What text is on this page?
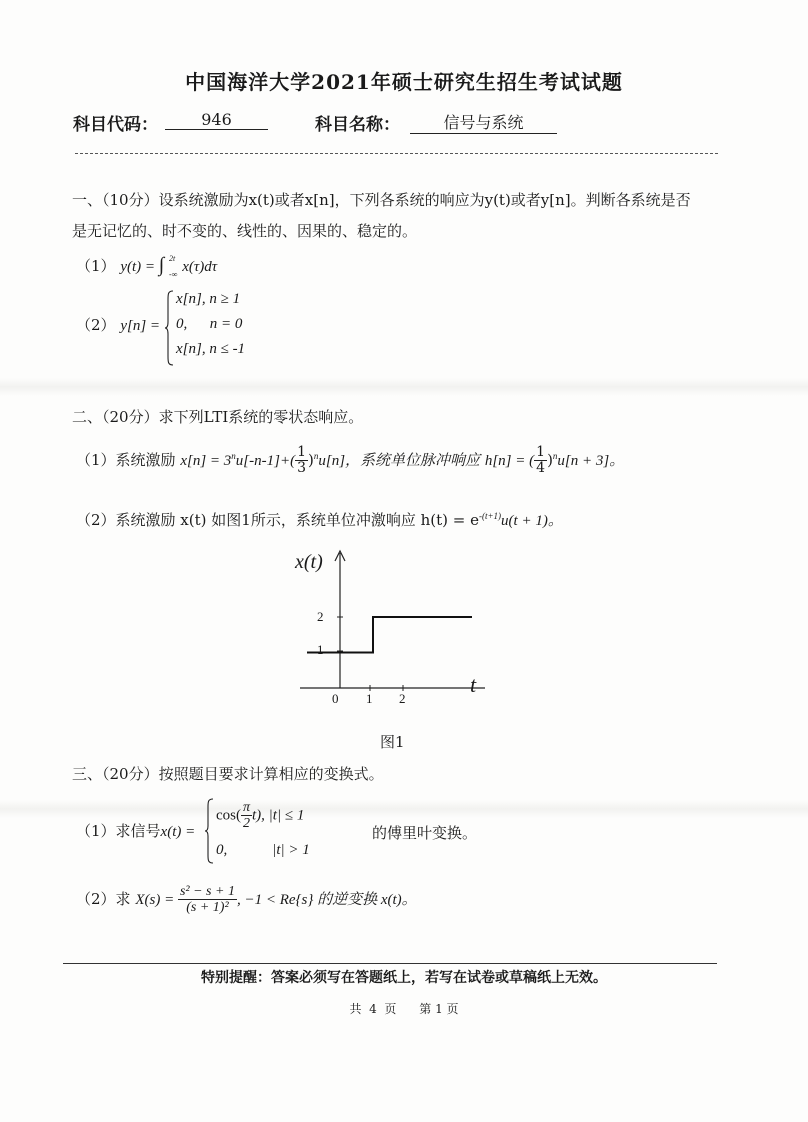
中国海洋大学2021年硕士研究生招生考试试题
科目代码：	946	科目名称：	信号与系统
一、（10分）设系统激励为x(t)或者x[n]，下列各系统的响应为y(t)或者y[n]。判断各系统是否
是无记忆的、时不变的、线性的、因果的、稳定的。
（1） y(t) = ∫ 2t
-∞ x(τ)dτ
（2） y[n] =
x[n], n ≥ 1
0,      n = 0
x[n], n ≤ -1
二、（20分）求下列LTI系统的零状态响应。
（1）系统激励 $x[n] = 3^nu[-n-1]+( \frac{1}{3} )^nu[n]$，系统单位脉冲响应 h[n] = ( $\frac{1}{4} )^nu[n + 3]$。
（2）系统激励 x(t) 如图1所示，系统单位冲激响应 $h(t) = e^{-(t+1)}u(t + 1)$。
x(t)
t
1
2
0 1 2
图1
三、（20分）按照题目要求计算相应的变换式。
（1）求信号x(t) =
$\cos( \frac{\pi}{2} t)$, |t| ≤ 1
0,            |t| > 1
的傅里叶变换。
（2）求 $X(s) = \frac{\text{s² − s + 1}}{\text{(s + 1)²}}$ , −1 < Re{s} 的逆变换 x(t)。
特别提醒：答案必须写在答题纸上，若写在试卷或草稿纸上无效。
共  4  页      第 1 页
